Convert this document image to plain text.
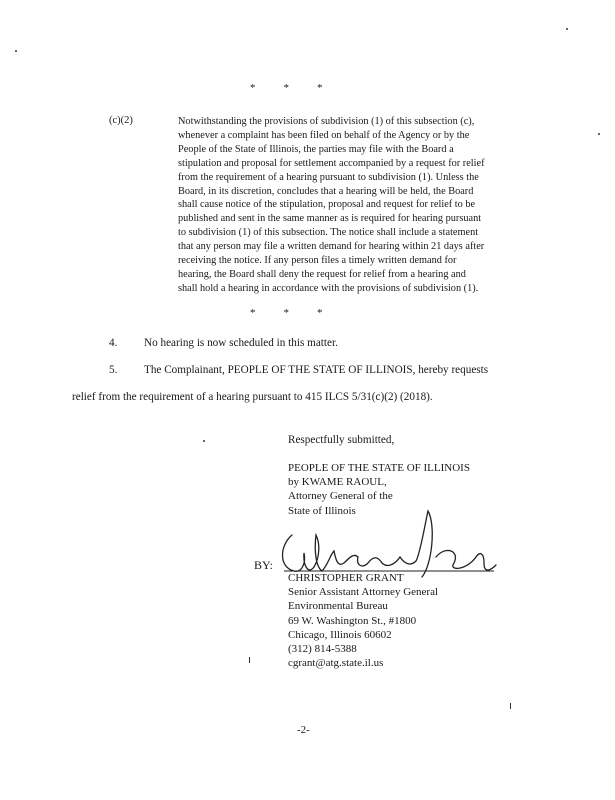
*	*	*
(c)(2)	Notwithstanding the provisions of subdivision (1) of this subsection (c),
whenever a complaint has been filed on behalf of the Agency or by the
People of the State of Illinois, the parties may file with the Board a
stipulation and proposal for settlement accompanied by a request for relief
from the requirement of a hearing pursuant to subdivision (1). Unless the
Board, in its discretion, concludes that a hearing will be held, the Board
shall cause notice of the stipulation, proposal and request for relief to be
published and sent in the same manner as is required for hearing pursuant
to subdivision (1) of this subsection. The notice shall include a statement
that any person may file a written demand for hearing within 21 days after
receiving the notice. If any person files a timely written demand for
hearing, the Board shall deny the request for relief from a hearing and
shall hold a hearing in accordance with the provisions of subdivision (1).
*	*	*
4. No hearing is now scheduled in this matter.
5. The Complainant, PEOPLE OF THE STATE OF ILLINOIS, hereby requests
relief from the requirement of a hearing pursuant to 415 ILCS 5/31(c)(2) (2018).
Respectfully submitted,
PEOPLE OF THE STATE OF ILLINOIS
by KWAME RAOUL,
Attorney General of the
State of Illinois
BY:
CHRISTOPHER GRANT
Senior Assistant Attorney General
Environmental Bureau
69 W. Washington St., #1800
Chicago, Illinois 60602
(312) 814-5388
cgrant@atg.state.il.us
-2-
